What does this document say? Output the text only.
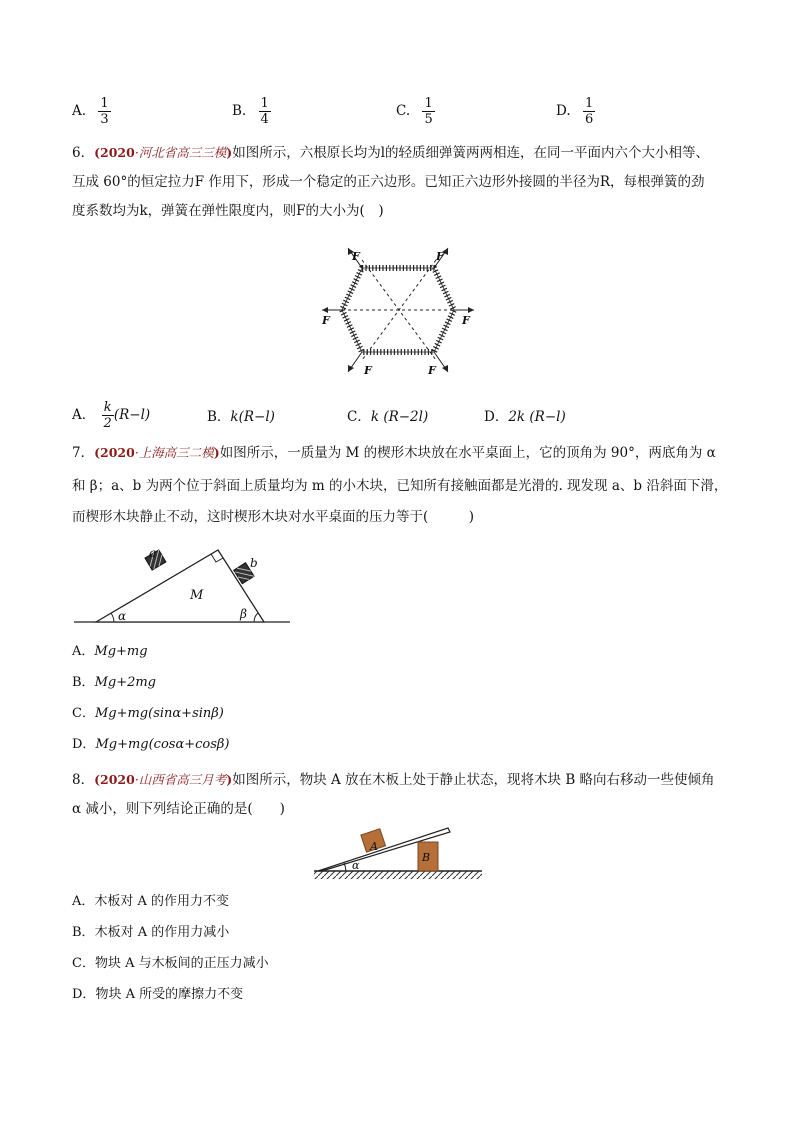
A. $\frac{1}{3}$	B. $\frac{1}{4}$	C. $\frac{1}{5}$	D. $\frac{1}{6}$
6．(2020·河北省高三三模)如图所示，六根原长均为l的轻质细弹簧两两相连，在同一平面内六个大小相等、
互成 60°的恒定拉力F 作用下，形成一个稳定的正六边形。已知正六边形外接圆的半径为R，每根弹簧的劲
度系数均为k，弹簧在弹性限度内，则F的大小为(　)
F	F
F	F
F	F
A． $\frac{k}{2} (R-l)$	B．k(R−l)	C．k (R−2l)	D．2k (R−l)
7．(2020·上海高三二模)如图所示，一质量为 M 的楔形木块放在水平桌面上，它的顶角为 90°，两底角为 α
和 β；a、b 为两个位于斜面上质量均为 m 的小木块，已知所有接触面都是光滑的. 现发现 a、b 沿斜面下滑，
而楔形木块静止不动，这时楔形木块对水平桌面的压力等于(　　　)
a
b
M
α	β
A．Mg+mg
B．Mg+2mg
C．Mg+mg(sinα+sinβ)
D．Mg+mg(cosα+cosβ)
8．(2020·山西省高三月考)如图所示，物块 A 放在木板上处于静止状态，现将木块 B 略向右移动一些使倾角
α 减小，则下列结论正确的是(　　)
A
B
α
A．木板对 A 的作用力不变
B．木板对 A 的作用力减小
C．物块 A 与木板间的正压力减小
D．物块 A 所受的摩擦力不变
